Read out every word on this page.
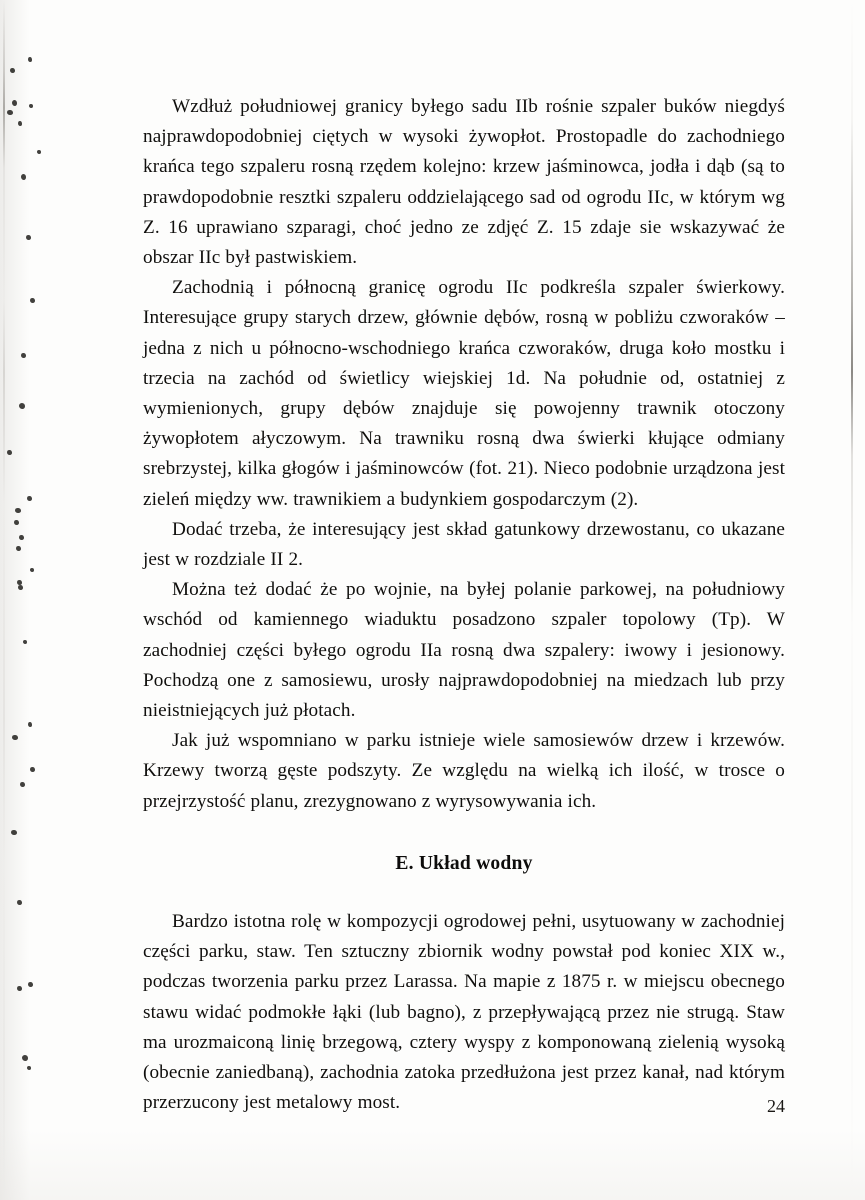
Wzdłuż południowej granicy byłego sadu IIb rośnie szpaler buków niegdyś najprawdopodobniej ciętych w wysoki żywopłot. Prostopadle do zachodniego krańca tego szpaleru rosną rzędem kolejno: krzew jaśminowca, jodła i dąb (są to prawdopodobnie resztki szpaleru oddzielającego sad od ogrodu IIc, w którym wg Z. 16 uprawiano szparagi, choć jedno ze zdjęć Z. 15 zdaje sie wskazywać że obszar IIc był pastwiskiem.

Zachodnią i północną granicę ogrodu IIc podkreśla szpaler świerkowy. Interesujące grupy starych drzew, głównie dębów, rosną w pobliżu czworaków – jedna z nich u północno-wschodniego krańca czworaków, druga koło mostku i trzecia na zachód od świetlicy wiejskiej 1d. Na południe od, ostatniej z wymienionych, grupy dębów znajduje się powojenny trawnik otoczony żywopłotem ałyczowym. Na trawniku rosną dwa świerki kłujące odmiany srebrzystej, kilka głogów i jaśminowców (fot. 21). Nieco podobnie urządzona jest zieleń między ww. trawnikiem a budynkiem gospodarczym (2).

Dodać trzeba, że interesujący jest skład gatunkowy drzewostanu, co ukazane jest w rozdziale II 2.

Można też dodać że po wojnie, na byłej polanie parkowej, na południowy wschód od kamiennego wiaduktu posadzono szpaler topolowy (Tp). W zachodniej części byłego ogrodu IIa rosną dwa szpalery: iwowy i jesionowy. Pochodzą one z samosiewu, urosły najprawdopodobniej na miedzach lub przy nieistniejących już płotach.

Jak już wspomniano w parku istnieje wiele samosiewów drzew i krzewów. Krzewy tworzą gęste podszyty. Ze względu na wielką ich ilość, w trosce o przejrzystość planu, zrezygnowano z wyrysowywania ich.

E. Układ wodny

Bardzo istotna rolę w kompozycji ogrodowej pełni, usytuowany w zachodniej części parku, staw. Ten sztuczny zbiornik wodny powstał pod koniec XIX w., podczas tworzenia parku przez Larassa. Na mapie z 1875 r. w miejscu obecnego stawu widać podmokłe łąki (lub bagno), z przepływającą przez nie strugą. Staw ma urozmaiconą linię brzegową, cztery wyspy z komponowaną zielenią wysoką (obecnie zaniedbaną), zachodnia zatoka przedłużona jest przez kanał, nad którym przerzucony jest metalowy most.	24
